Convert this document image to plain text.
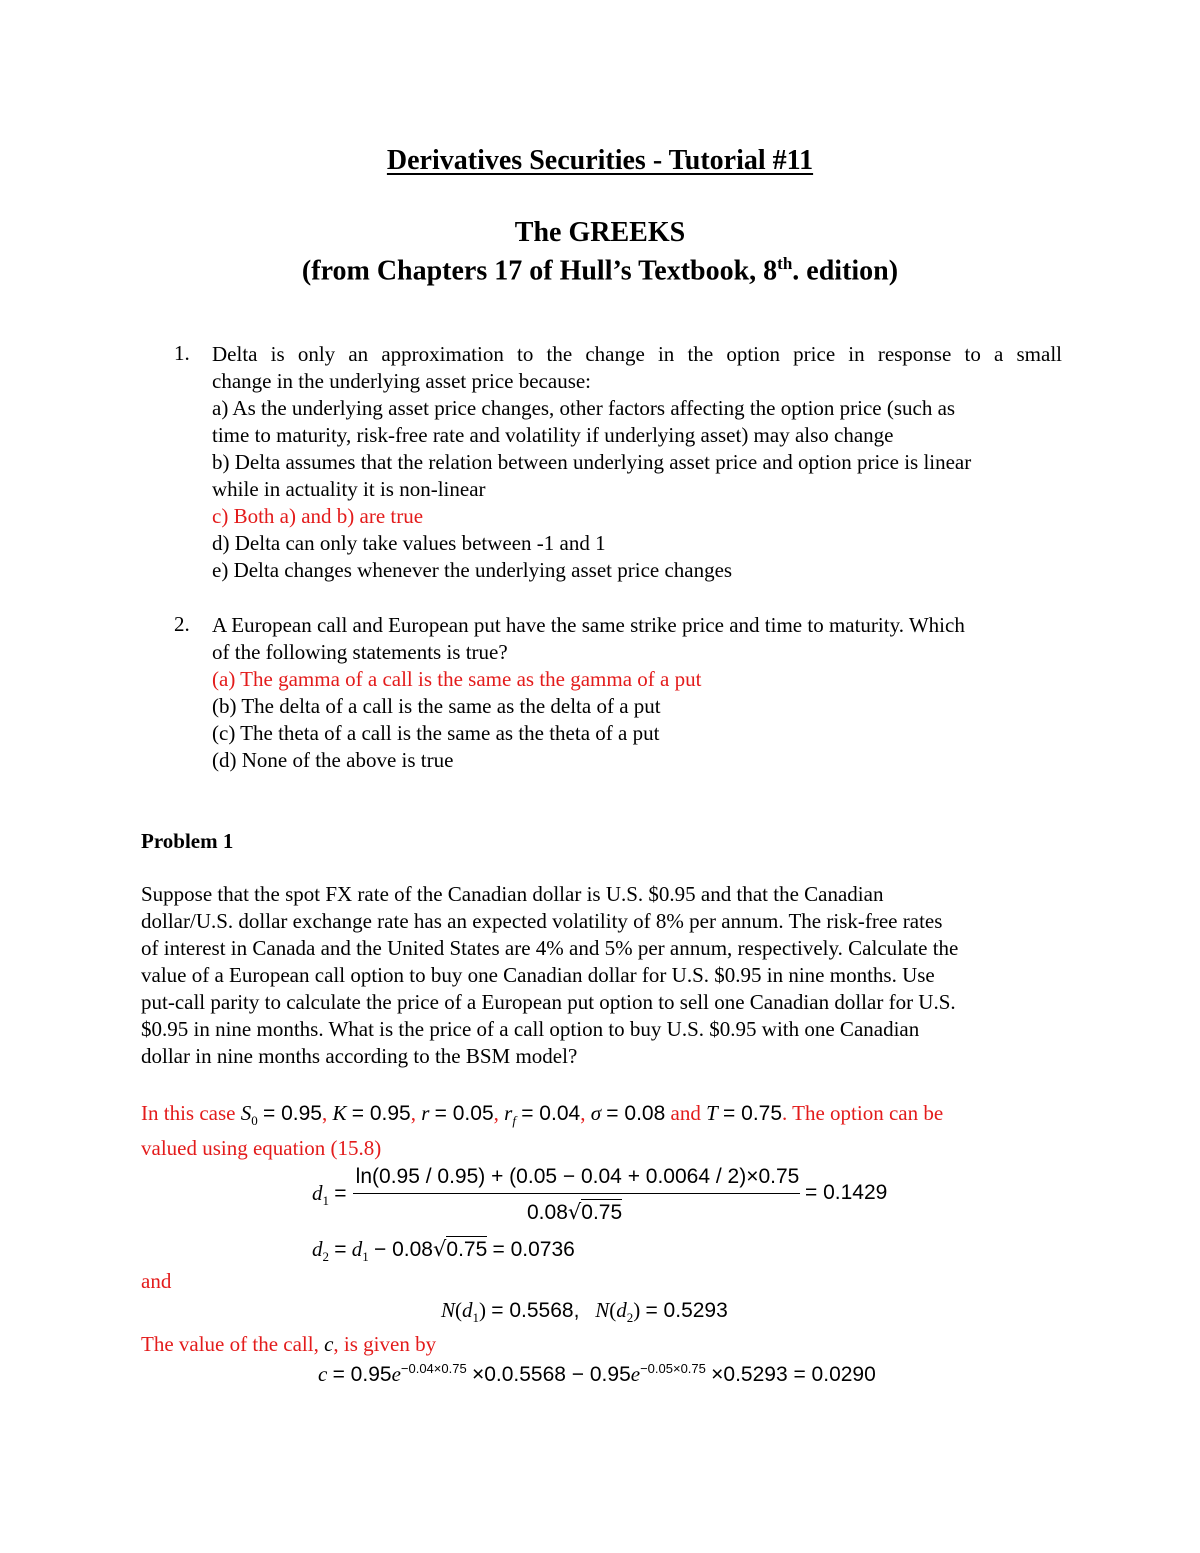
Derivatives Securities - Tutorial #11
The GREEKS
(from Chapters 17 of Hull’s Textbook, 8th. edition)
1. Delta is only an approximation to the change in the option price in response to a small
change in the underlying asset price because:
a) As the underlying asset price changes, other factors affecting the option price (such as
time to maturity, risk-free rate and volatility if underlying asset) may also change
b) Delta assumes that the relation between underlying asset price and option price is linear
while in actuality it is non-linear
c) Both a) and b) are true
d) Delta can only take values between -1 and 1
e) Delta changes whenever the underlying asset price changes
2. A European call and European put have the same strike price and time to maturity. Which
of the following statements is true?
(a) The gamma of a call is the same as the gamma of a put
(b) The delta of a call is the same as the delta of a put
(c) The theta of a call is the same as the theta of a put
(d) None of the above is true
Problem 1
Suppose that the spot FX rate of the Canadian dollar is U.S. $0.95 and that the Canadian
dollar/U.S. dollar exchange rate has an expected volatility of 8% per annum. The risk-free rates
of interest in Canada and the United States are 4% and 5% per annum, respectively. Calculate the
value of a European call option to buy one Canadian dollar for U.S. $0.95 in nine months. Use
put-call parity to calculate the price of a European put option to sell one Canadian dollar for U.S.
$0.95 in nine months. What is the price of a call option to buy U.S. $0.95 with one Canadian
dollar in nine months according to the BSM model?
In this case $S_0 = 0.95$, K = 0.95, r = 0.05, $r_f = 0.04$, σ = 0.08 and T = 0.75. The option can be
valued using equation (15.8)
$d_1$ =
ln(0.95 / 0.95) + (0.05 − 0.04 + 0.0064 / 2)×0.75
0.08√0.75
= 0.1429
$d_2 = d_1 - 0.08√0.75 = 0.0736$
and
$N(d_1) = 0.5568$, $N(d_2) = 0.5293$
The value of the call, c, is given by
$c = 0.95e^{-0.04\times 0.75} \times 0.0.5568 - 0.95e^{-0.05\times 0.75} \times 0.5293 = 0.0290$
